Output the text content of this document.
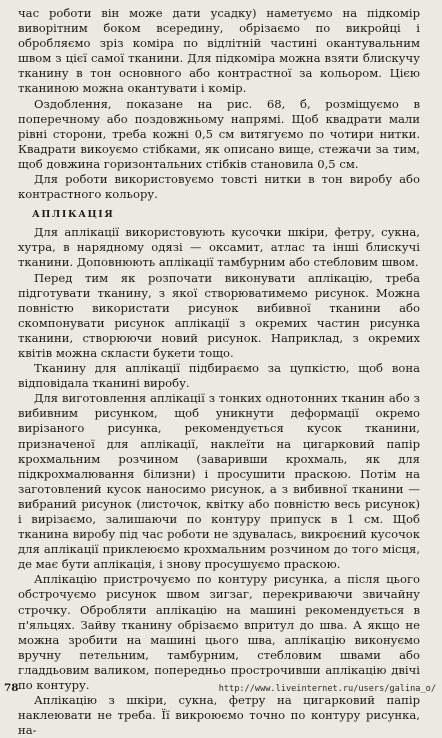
час роботи він може дати усадку) наметуємо на підкомір виворітним боком всередину, обрізаємо по викройці і обробляємо зріз коміра по відлітній частині окантувальним швом з цієї самої тканини. Для підкоміра можна взяти блискучу тканину в тон основного або контрастної за кольором. Цією тканиною можна окантувати і комір.

Оздоблення, показане на рис. 68, б, розміщуємо в поперечному або поздовжньому напрямі. Щоб квадрати мали рівні сторони, треба кожні 0,5 см витягуємо по чотири нитки. Квадрати викоуємо стібками, як описано вище, стежачи за тим, щоб довжина горизонтальних стібків становила 0,5 см.

Для роботи використовуємо товсті нитки в тон виробу або контрастного кольору.

АПЛІКАЦІЯ

Для аплікації використовують кусочки шкіри, фетру, сукна, хутра, в нарядному одязі — оксамит, атлас та інші блискучі тканини. Доповнюють аплікації тамбурним або стебловим швом.

Перед тим як розпочати виконувати аплікацію, треба підготувати тканину, з якої створюватимемо рисунок. Можна повністю використати рисунок вибивної тканини або скомпонувати рисунок аплікації з окремих частин рисунка тканини, створюючи новий рисунок. Наприклад, з окремих квітів можна скласти букети тощо.

Тканину для аплікації підбираємо за цупкістю, щоб вона відповідала тканині виробу.

Для виготовлення аплікації з тонких однотонних тканин або з вибивним рисунком, щоб уникнути деформації окремо вирізаного рисунка, рекомендується кусок тканини, призначеної для аплікації, наклеїти на цигарковий папір крохмальним розчином (заваривши крохмаль, як для підкрохмалювання білизни) і просушити праскою. Потім на заготовлений кусок наносимо рисунок, а з вибивної тканини — вибраний рисунок (листочок, квітку або повністю весь рисунок) і вирізаємо, залишаючи по контуру припуск в 1 см. Щоб тканина виробу під час роботи не здувалась, викроєний кусочок для аплікації приклеюємо крохмальним розчином до того місця, де має бути аплікація, і знову просушуємо праскою.

Аплікацію пристрочуємо по контуру рисунка, а після цього обстрочуємо рисунок швом зигзаг, перекриваючи звичайну строчку. Обробляти аплікацію на машині рекомендується в п'яльцях. Зайву тканину обрізаємо впритул до шва. А якщо не можна зробити на машині цього шва, аплікацію виконуємо вручну петельним, тамбурним, стебловим швами або гладдьовим валиком, попередньо прострочивши аплікацію двічі по контуру.

Аплікацію з шкіри, сукна, фетру на цигарковий папір наклеювати не треба. Її викроюємо точно по контуру рисунка, на-

78	http://www.liveinternet.ru/users/galina_o/
